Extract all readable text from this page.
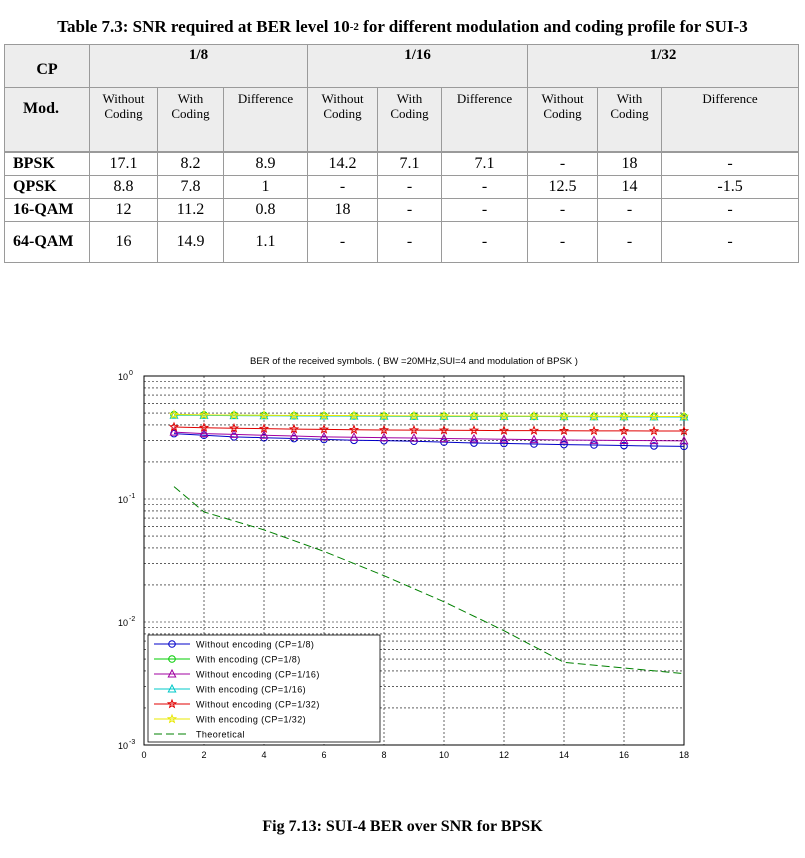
Table 7.3: SNR required at BER level $10^{-2}$ for different modulation and coding profile for SUI-3
CP	1/8			1/16			1/32		
Mod.	Without Coding	With Coding	Difference	Without Coding	With Coding	Difference	Without Coding	With Coding	Difference
BPSK	17.1	8.2	8.9	14.2	7.1	7.1	-	18	-
QPSK	8.8	7.8	1	-	-	-	12.5	14	-1.5
16-QAM	12	11.2	0.8	18	-	-	-	-	-
64-QAM	16	14.9	1.1	-	-	-	-	-	-
BER of the received symbols. ( BW =20MHz,SUI=4 and modulation of BPSK )
0	2	4	6	8	10	12	14	16	18
10 0
10 -1
10 -2
10 -3
Without encoding (CP=1/8)
With encoding (CP=1/8)
Without encoding (CP=1/16)
With encoding (CP=1/16)
Without encoding (CP=1/32)
With encoding (CP=1/32)
Theoretical
Fig 7.13: SUI-4 BER over SNR for BPSK
